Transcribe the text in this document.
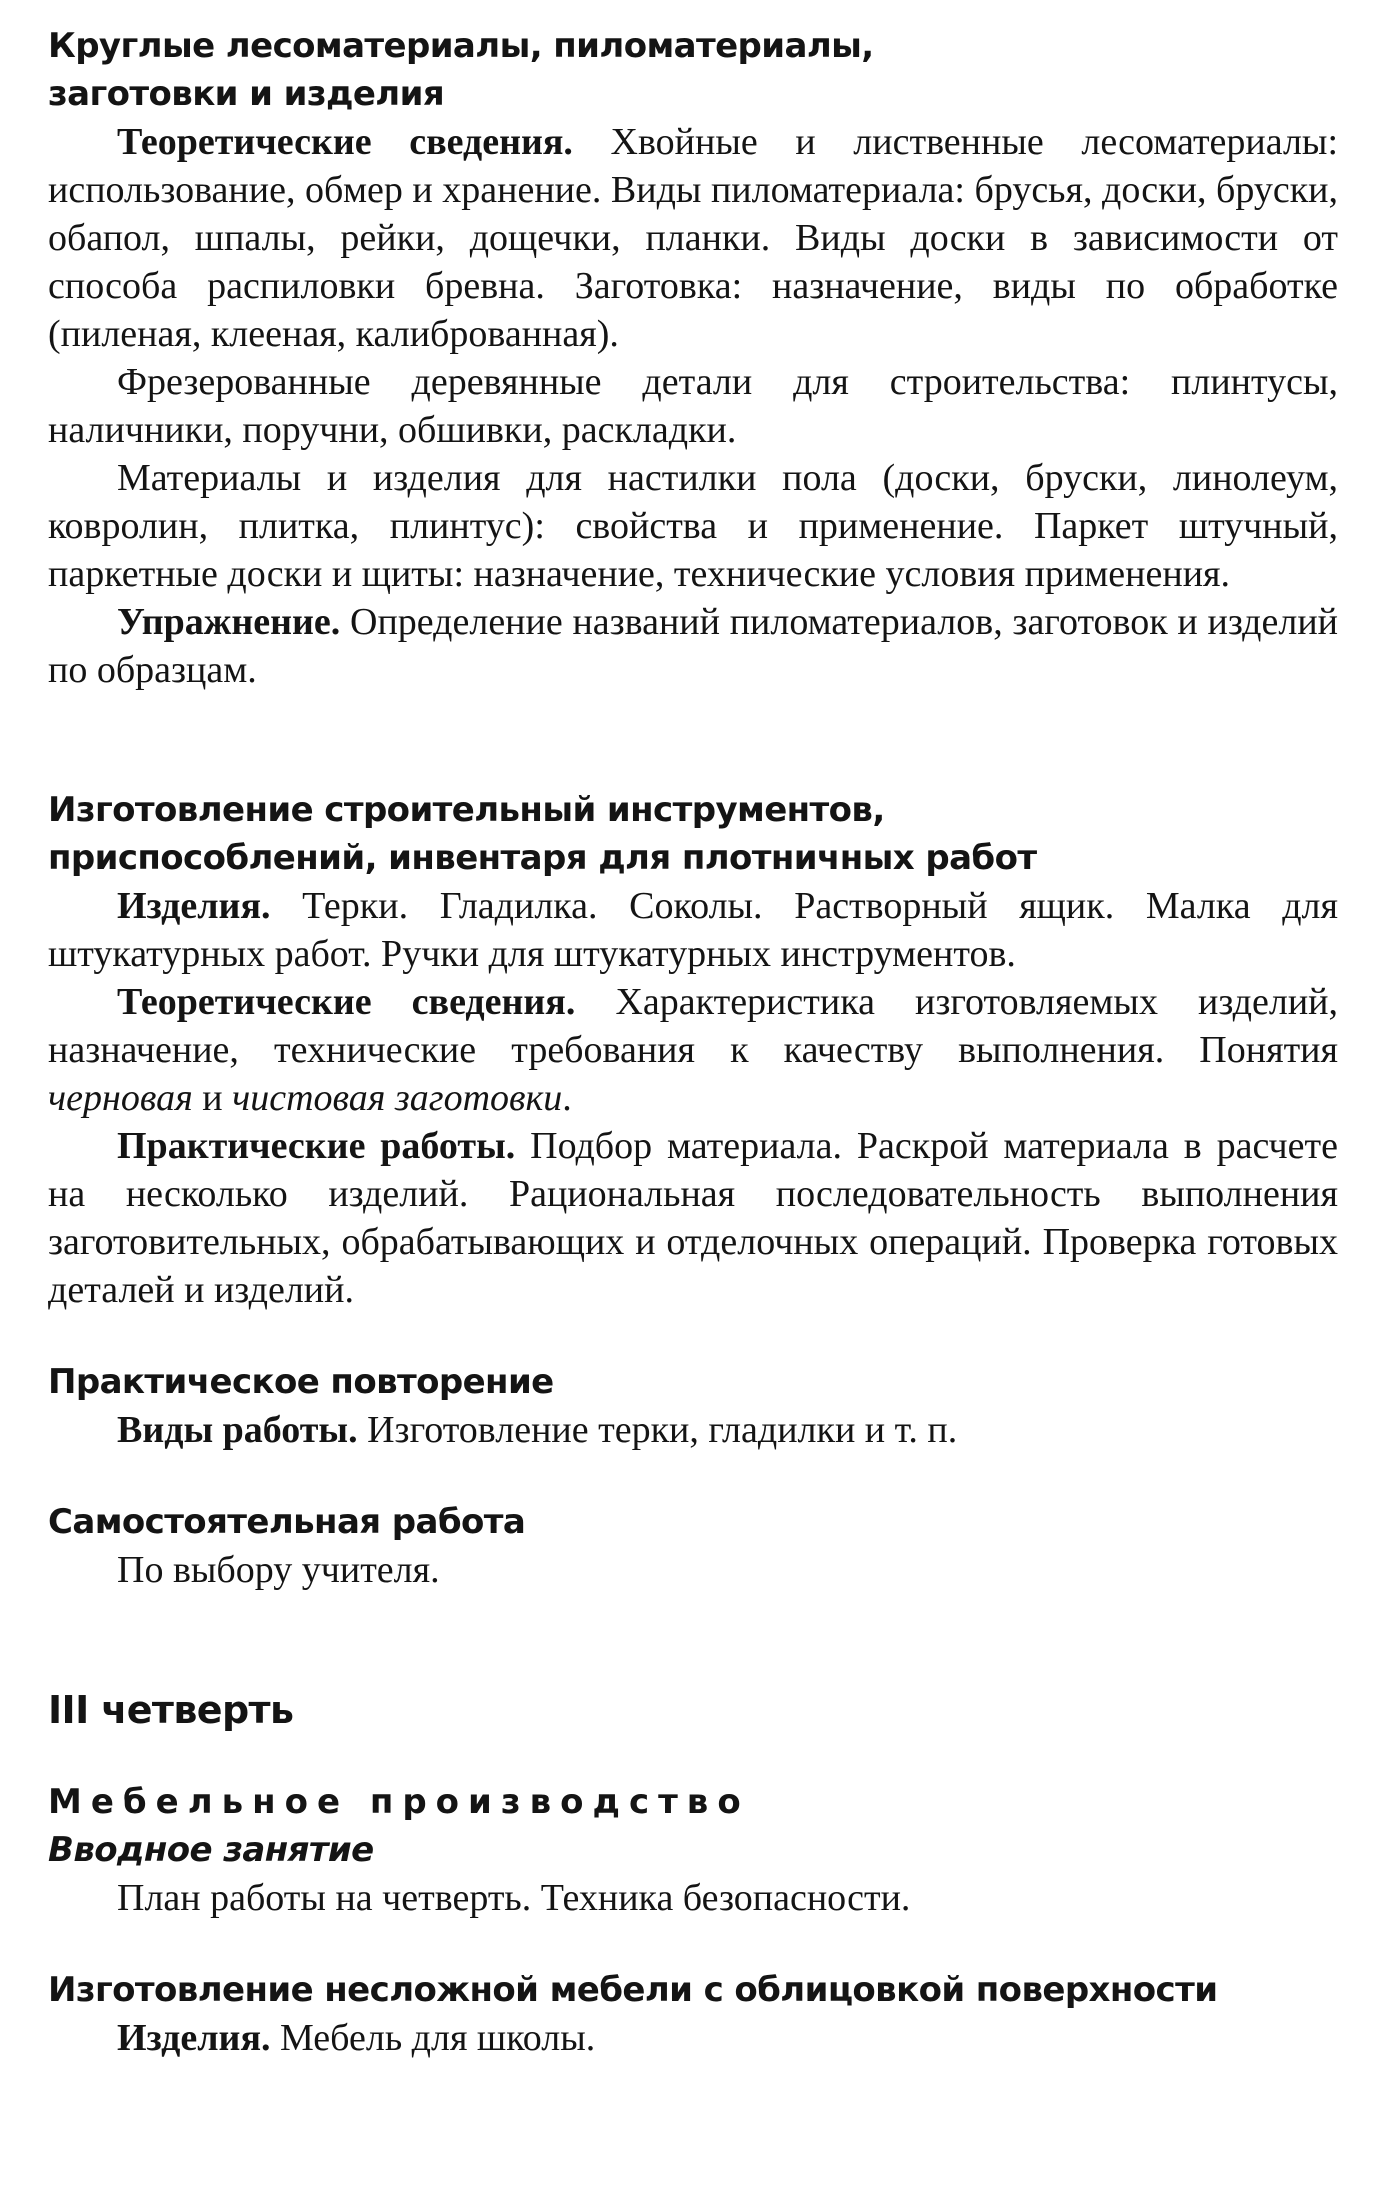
Круглые лесоматериалы, пиломатериалы,
заготовки и изделия

Теоретические сведения. Хвойные и лиственные лесоматериалы: использование, обмер и хранение. Виды пиломатериала: брусья, доски, бруски, обапол, шпалы, рейки, дощечки, планки. Виды доски в зависимости от способа распиловки бревна. Заготовка: назначение, виды по обработке (пиленая, клееная, калиброванная).

Фрезерованные деревянные детали для строительства: плинтусы, наличники, поручни, обшивки, раскладки.

Материалы и изделия для настилки пола (доски, бруски, линолеум, ковролин, плитка, плинтус): свойства и применение. Паркет штучный, паркетные доски и щиты: назначение, технические условия применения.

Упражнение. Определение названий пиломатериалов, заготовок и изделий по образцам.

Изготовление строительный инструментов,
приспособлений, инвентаря для плотничных работ

Изделия. Терки. Гладилка. Соколы. Растворный ящик. Малка для штукатурных работ. Ручки для штукатурных инструментов.

Теоретические сведения. Характеристика изготовляемых изделий, назначение, технические требования к качеству выполнения. Понятия черновая и чистовая заготовки.

Практические работы. Подбор материала. Раскрой материала в расчете на несколько изделий. Рациональная последовательность выполнения заготовительных, обрабатывающих и отделочных операций. Проверка готовых деталей и изделий.

Практическое повторение

Виды работы. Изготовление терки, гладилки и т. п.

Самостоятельная работа

По выбору учителя.

III четверть
Мебельное производство
Вводное занятие

План работы на четверть. Техника безопасности.

Изготовление несложной мебели с облицовкой поверхности

Изделия. Мебель для школы.
